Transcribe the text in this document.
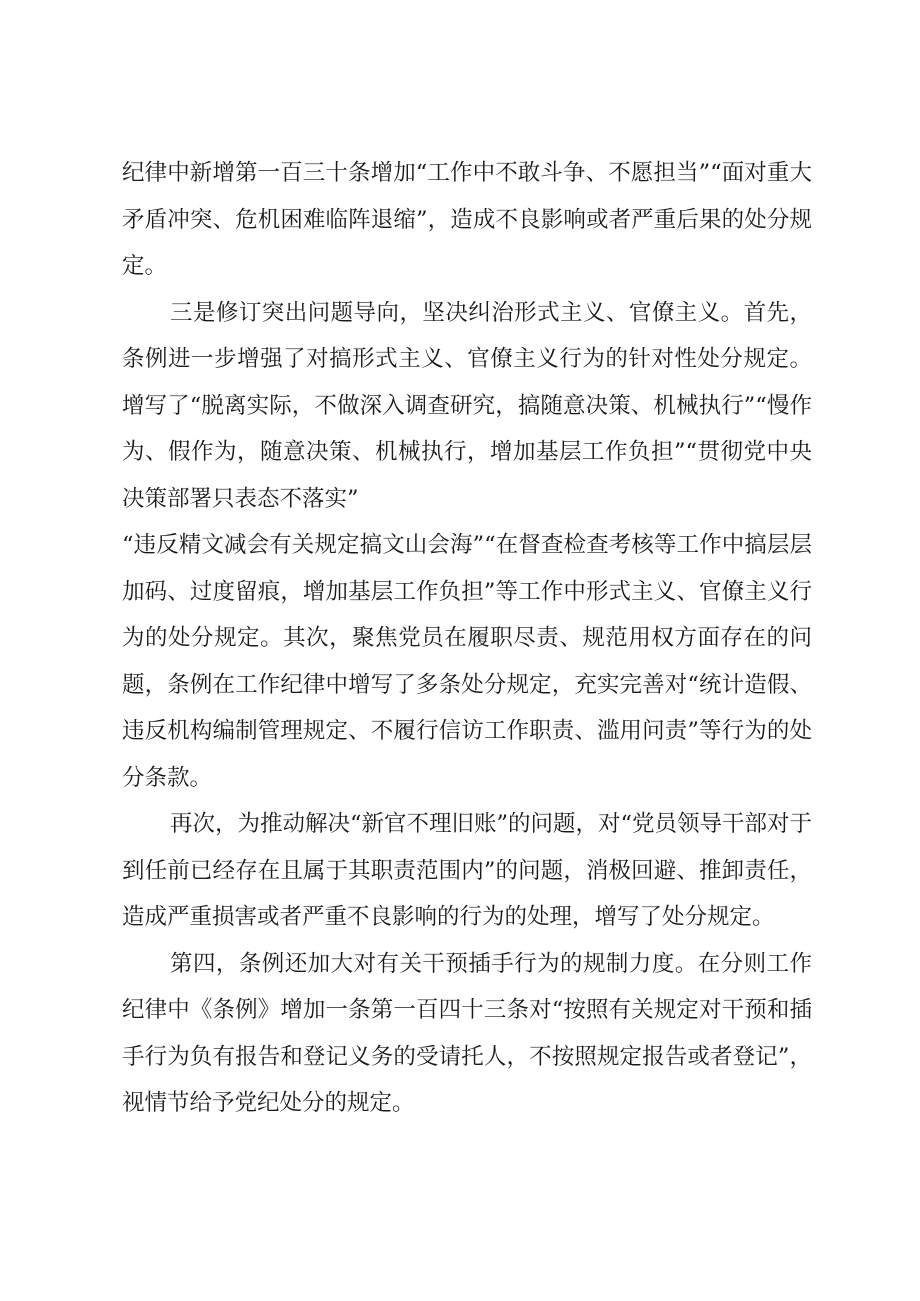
纪律中新增第一百三十条增加“工作中不敢斗争、不愿担当”“面对重大矛盾冲突、危机困难临阵退缩”，造成不良影响或者严重后果的处分规定。

三是修订突出问题导向，坚决纠治形式主义、官僚主义。首先，条例进一步增强了对搞形式主义、官僚主义行为的针对性处分规定。增写了“脱离实际，不做深入调查研究，搞随意决策、机械执行”“慢作为、假作为，随意决策、机械执行，增加基层工作负担”“贯彻党中央决策部署只表态不落实”

“违反精文减会有关规定搞文山会海”“在督查检查考核等工作中搞层层加码、过度留痕，增加基层工作负担”等工作中形式主义、官僚主义行为的处分规定。其次，聚焦党员在履职尽责、规范用权方面存在的问题，条例在工作纪律中增写了多条处分规定，充实完善对“统计造假、违反机构编制管理规定、不履行信访工作职责、滥用问责”等行为的处分条款。

再次，为推动解决“新官不理旧账”的问题，对“党员领导干部对于到任前已经存在且属于其职责范围内”的问题，消极回避、推卸责任，造成严重损害或者严重不良影响的行为的处理，增写了处分规定。

第四，条例还加大对有关干预插手行为的规制力度。在分则工作纪律中《条例》增加一条第一百四十三条对“按照有关规定对干预和插手行为负有报告和登记义务的受请托人，不按照规定报告或者登记”，视情节给予党纪处分的规定。
